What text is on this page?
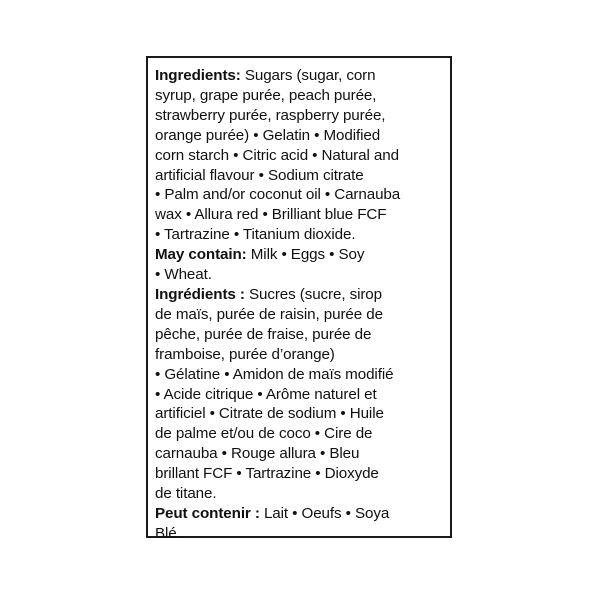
Ingredients: Sugars (sugar, corn
syrup, grape purée, peach purée,
strawberry purée, raspberry purée,
orange purée) • Gelatin • Modified
corn starch • Citric acid • Natural and
artificial flavour • Sodium citrate
• Palm and/or coconut oil • Carnauba
wax • Allura red • Brilliant blue FCF
• Tartrazine • Titanium dioxide.
May contain: Milk • Eggs • Soy
• Wheat.
Ingrédients : Sucres (sucre, sirop
de maïs, purée de raisin, purée de
pêche, purée de fraise, purée de
framboise, purée d’orange)
• Gélatine • Amidon de maïs modifié
• Acide citrique • Arôme naturel et
artificiel • Citrate de sodium • Huile
de palme et/ou de coco • Cire de
carnauba • Rouge allura • Bleu
brillant FCF • Tartrazine • Dioxyde
de titane.
Peut contenir : Lait • Oeufs • Soya
Blé.
